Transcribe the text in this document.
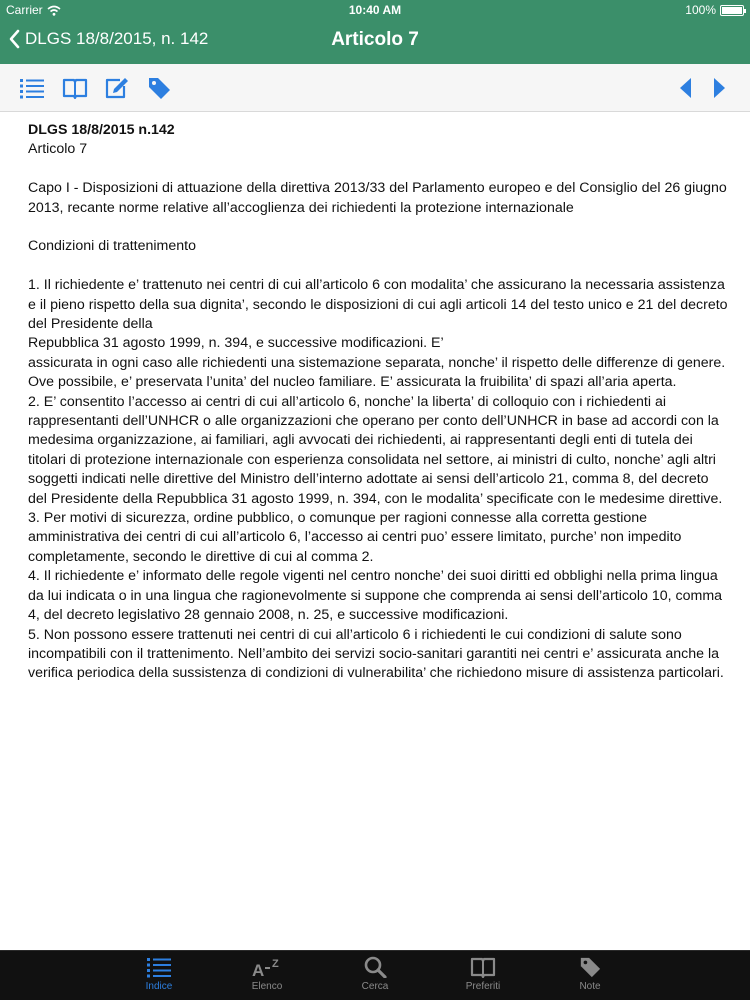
Carrier	10:40 AM	100%
DLGS 18/8/2015, n. 142	Articolo 7

DLGS 18/8/2015 n.142

Articolo 7

Capo I - Disposizioni di attuazione della direttiva 2013/33 del Parlamento europeo e del Consiglio del 26 giugno 2013, recante norme relative all’accoglienza dei richiedenti la protezione internazionale

Condizioni di trattenimento

1. Il richiedente e’ trattenuto nei centri di cui all’articolo 6 con modalita’ che assicurano la necessaria assistenza e il pieno rispetto della sua dignita’, secondo le disposizioni di cui agli articoli 14 del testo unico e 21 del decreto del Presidente della

Repubblica 31 agosto 1999, n. 394, e successive modificazioni. E’

assicurata in ogni caso alle richiedenti una sistemazione separata, nonche’ il rispetto delle differenze di genere. Ove possibile, e’ preservata l’unita’ del nucleo familiare. E’ assicurata la fruibilita’ di spazi all’aria aperta.

2. E’ consentito l’accesso ai centri di cui all’articolo 6, nonche’ la liberta’ di colloquio con i richiedenti ai rappresentanti dell’UNHCR o alle organizzazioni che operano per conto dell’UNHCR in base ad accordi con la medesima organizzazione, ai familiari, agli avvocati dei richiedenti, ai rappresentanti degli enti di tutela dei titolari di protezione internazionale con esperienza consolidata nel settore, ai ministri di culto, nonche’ agli altri soggetti indicati nelle direttive del Ministro dell’interno adottate ai sensi dell’articolo 21, comma 8, del decreto del Presidente della Repubblica 31 agosto 1999, n. 394, con le modalita’ specificate con le medesime direttive.

3. Per motivi di sicurezza, ordine pubblico, o comunque per ragioni connesse alla corretta gestione amministrativa dei centri di cui all’articolo 6, l’accesso ai centri puo’ essere limitato, purche’ non impedito completamente, secondo le direttive di cui al comma 2.

4. Il richiedente e’ informato delle regole vigenti nel centro nonche’ dei suoi diritti ed obblighi nella prima lingua da lui indicata o in una lingua che ragionevolmente si suppone che comprenda ai sensi dell’articolo 10, comma 4, del decreto legislativo 28 gennaio 2008, n. 25, e successive modificazioni.

5. Non possono essere trattenuti nei centri di cui all’articolo 6 i richiedenti le cui condizioni di salute sono incompatibili con il trattenimento. Nell’ambito dei servizi socio-sanitari garantiti nei centri e’ assicurata anche la verifica periodica della sussistenza di condizioni di vulnerabilita’ che richiedono misure di assistenza particolari.

Indice
A Z
Elenco	Cerca	Preferiti	Note
